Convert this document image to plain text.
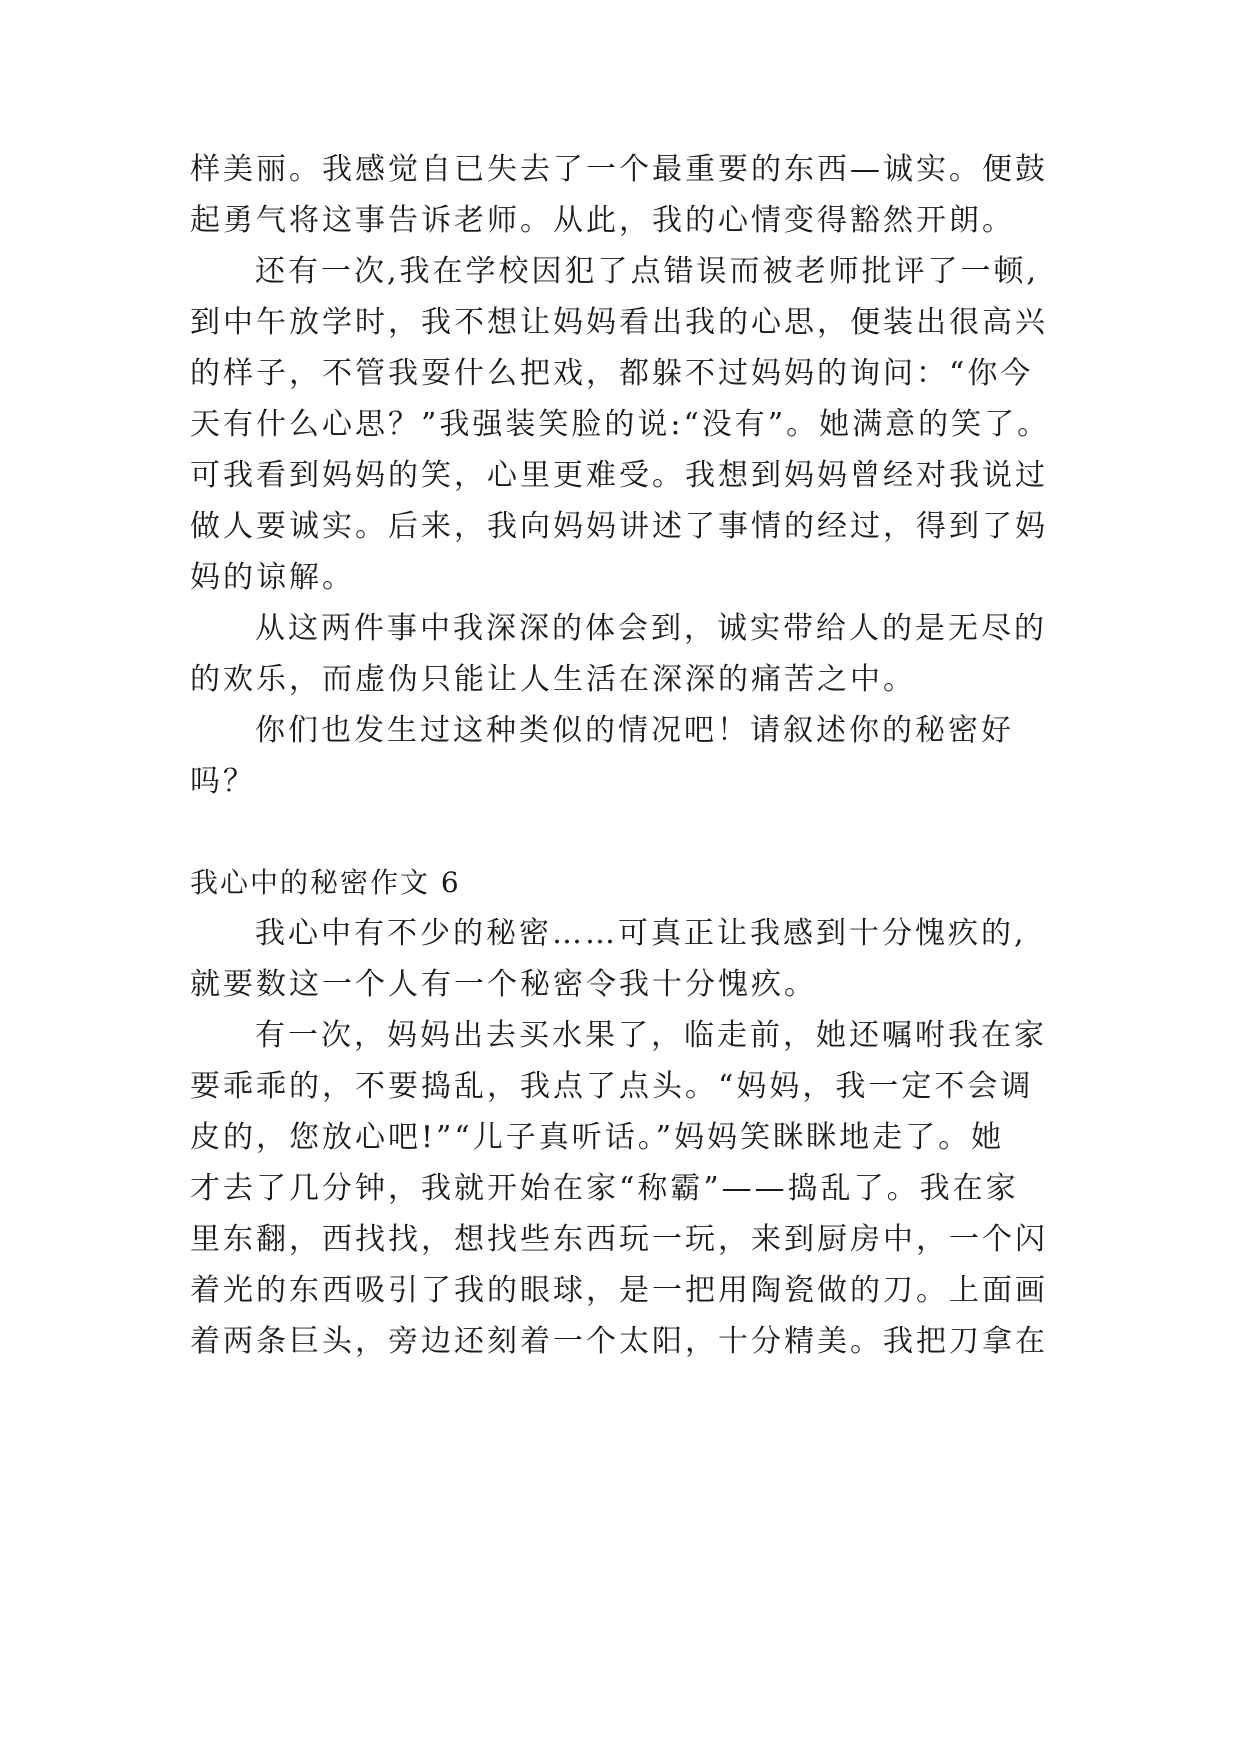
样美丽。我感觉自已失去了一个最重要的东西—诚实。便鼓
起勇气将这事告诉老师。从此，我的心情变得豁然开朗。
还有一次,我在学校因犯了点错误而被老师批评了一顿,
到中午放学时，我不想让妈妈看出我的心思，便装出很高兴
的样子，不管我耍什么把戏，都躲不过妈妈的询问：“你今
天有什么心思？”我强装笑脸的说:“没有”。她满意的笑了。
可我看到妈妈的笑，心里更难受。我想到妈妈曾经对我说过
做人要诚实。后来，我向妈妈讲述了事情的经过，得到了妈
妈的谅解。
从这两件事中我深深的体会到，诚实带给人的是无尽的
的欢乐，而虚伪只能让人生活在深深的痛苦之中。
你们也发生过这种类似的情况吧！请叙述你的秘密好
吗？
我心中的秘密作文 6
我心中有不少的秘密……可真正让我感到十分愧疚的,
就要数这一个人有一个秘密令我十分愧疚。
有一次，妈妈出去买水果了，临走前，她还嘱咐我在家
要乖乖的，不要捣乱，我点了点头。“妈妈，我一定不会调
皮的，您放心吧!”“儿子真听话。”妈妈笑眯眯地走了。她
才去了几分钟，我就开始在家“称霸”——捣乱了。我在家
里东翻，西找找，想找些东西玩一玩，来到厨房中，一个闪
着光的东西吸引了我的眼球，是一把用陶瓷做的刀。上面画
着两条巨头，旁边还刻着一个太阳，十分精美。我把刀拿在
